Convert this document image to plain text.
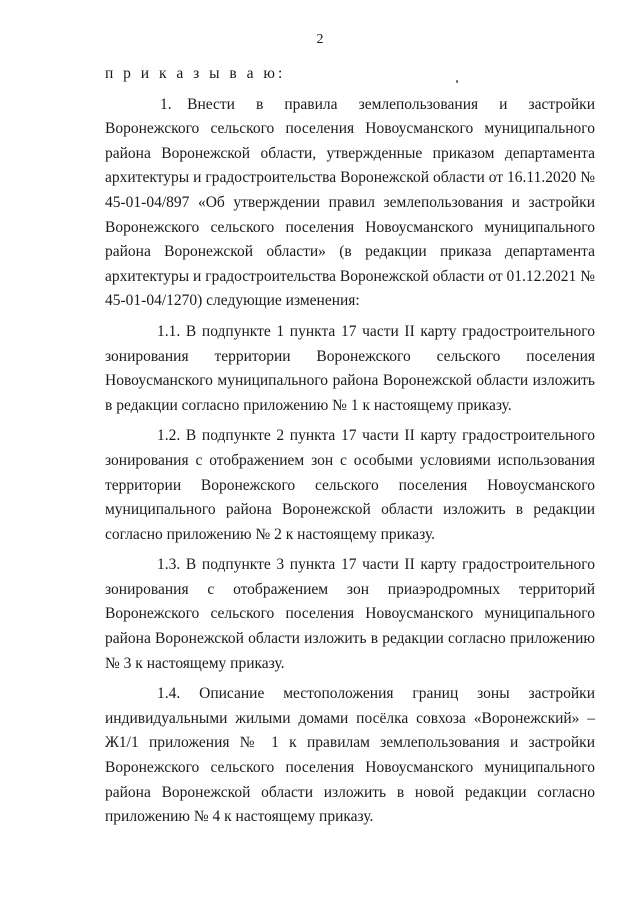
2

п р и к а з ы в а ю:

1. Внести в правила землепользования и застройки Воронежского сельского поселения Новоусманского муниципального района Воронежской области, утвержденные приказом департамента архитектуры и градостроительства Воронежской области от 16.11.2020 № 45-01-04/897 «Об утверждении правил землепользования и застройки Воронежского сельского поселения Новоусманского муниципального района Воронежской области» (в редакции приказа департамента архитектуры и градостроительства Воронежской области от 01.12.2021 № 45-01-04/1270) следующие изменения:

1.1. В подпункте 1 пункта 17 части II карту градостроительного зонирования территории Воронежского сельского поселения Новоусманского муниципального района Воронежской области изложить в редакции согласно приложению № 1 к настоящему приказу.

1.2. В подпункте 2 пункта 17 части II карту градостроительного зонирования с отображением зон с особыми условиями использования территории Воронежского сельского поселения Новоусманского муниципального района Воронежской области изложить в редакции согласно приложению № 2 к настоящему приказу.

1.3. В подпункте 3 пункта 17 части II карту градостроительного зонирования с отображением зон приаэродромных территорий Воронежского сельского поселения Новоусманского муниципального района Воронежской области изложить в редакции согласно приложению № 3 к настоящему приказу.

1.4. Описание местоположения границ зоны застройки индивидуальными жилыми домами посёлка совхоза «Воронежский» – Ж1/1 приложения № 1 к правилам землепользования и застройки Воронежского сельского поселения Новоусманского муниципального района Воронежской области изложить в новой редакции согласно приложению № 4 к настоящему приказу.
